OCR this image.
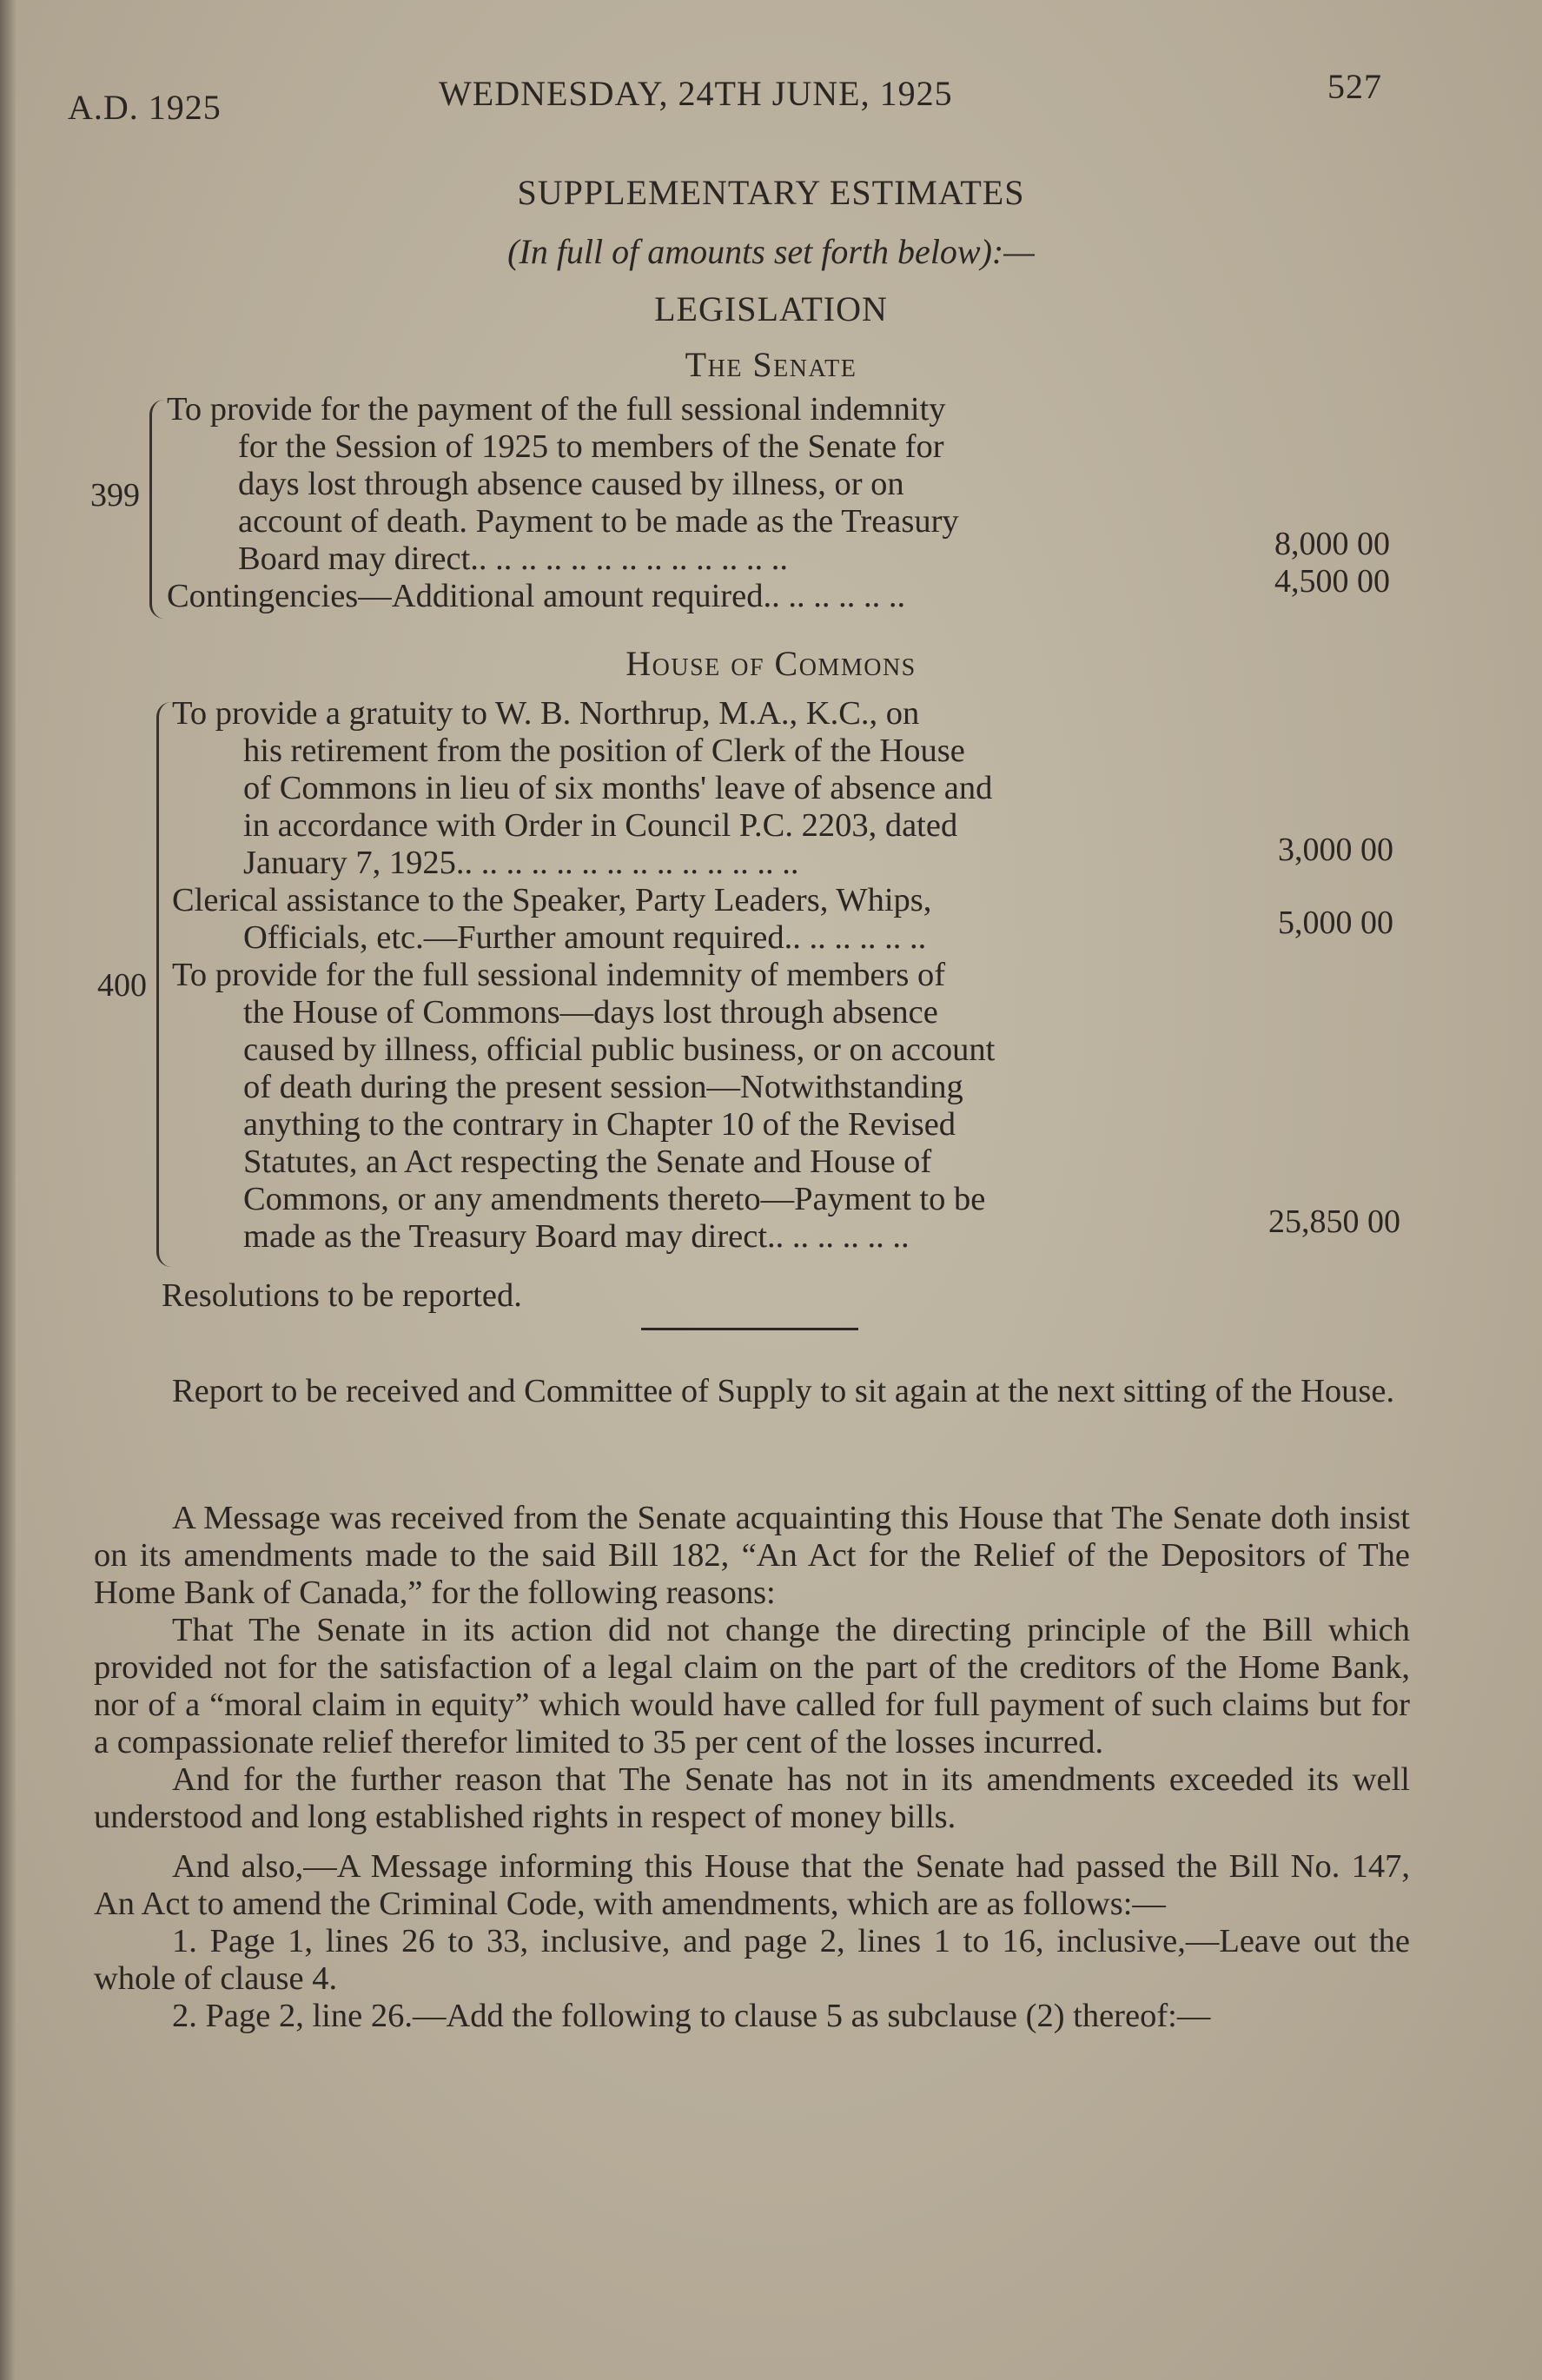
A.D. 1925	WEDNESDAY, 24TH JUNE, 1925	527
SUPPLEMENTARY ESTIMATES
(In full of amounts set forth below):—
LEGISLATION
The Senate
399
To provide for the payment of the full sessional indemnity
for the Session of 1925 to members of the Senate for
days lost through absence caused by illness, or on
account of death. Payment to be made as the Treasury
Board may direct.. .. .. .. .. .. .. .. .. .. .. .. ..
Contingencies—Additional amount required.. .. .. .. .. ..
8,000 00
4,500 00
House of Commons
400
To provide a gratuity to W. B. Northrup, M.A., K.C., on
his retirement from the position of Clerk of the House
of Commons in lieu of six months' leave of absence and
in accordance with Order in Council P.C. 2203, dated
January 7, 1925.. .. .. .. .. .. .. .. .. .. .. .. .. ..
Clerical assistance to the Speaker, Party Leaders, Whips,
Officials, etc.—Further amount required.. .. .. .. .. ..
To provide for the full sessional indemnity of members of
the House of Commons—days lost through absence
caused by illness, official public business, or on account
of death during the present session—Notwithstanding
anything to the contrary in Chapter 10 of the Revised
Statutes, an Act respecting the Senate and House of
Commons, or any amendments thereto—Payment to be
made as the Treasury Board may direct.. .. .. .. .. ..
3,000 00
5,000 00
25,850 00
Resolutions to be reported.

Report to be received and Committee of Supply to sit again at the next sitting of the House.

A Message was received from the Senate acquainting this House that The Senate doth insist on its amendments made to the said Bill 182, “An Act for the Relief of the Depositors of The Home Bank of Canada,” for the following reasons:

That The Senate in its action did not change the directing principle of the Bill which provided not for the satisfaction of a legal claim on the part of the creditors of the Home Bank, nor of a “moral claim in equity” which would have called for full payment of such claims but for a compassionate relief therefor limited to 35 per cent of the losses incurred.

And for the further reason that The Senate has not in its amendments exceeded its well understood and long established rights in respect of money bills.

And also,—A Message informing this House that the Senate had passed the Bill No. 147, An Act to amend the Criminal Code, with amendments, which are as follows:—

1. Page 1, lines 26 to 33, inclusive, and page 2, lines 1 to 16, inclusive,—Leave out the whole of clause 4.

2. Page 2, line 26.—Add the following to clause 5 as subclause (2) thereof:—
